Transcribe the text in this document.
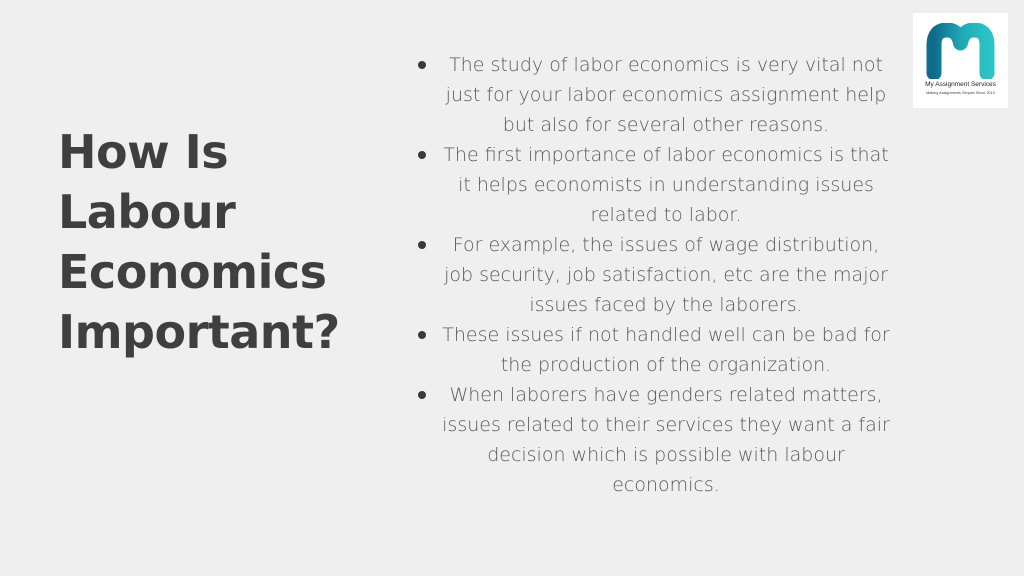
How Is Labour Economics Important?
The study of labor economics is very vital not just for your labor economics assignment help but also for several other reasons.
The first importance of labor economics is that it helps economists in understanding issues related to labor.
For example, the issues of wage distribution, job security, job satisfaction, etc are the major issues faced by the laborers.
These issues if not handled well can be bad for the production of the organization.
When laborers have genders related matters, issues related to their services they want a fair decision which is possible with labour economics.
My Assignment Services
Making Assignments Simpler Since 2010
